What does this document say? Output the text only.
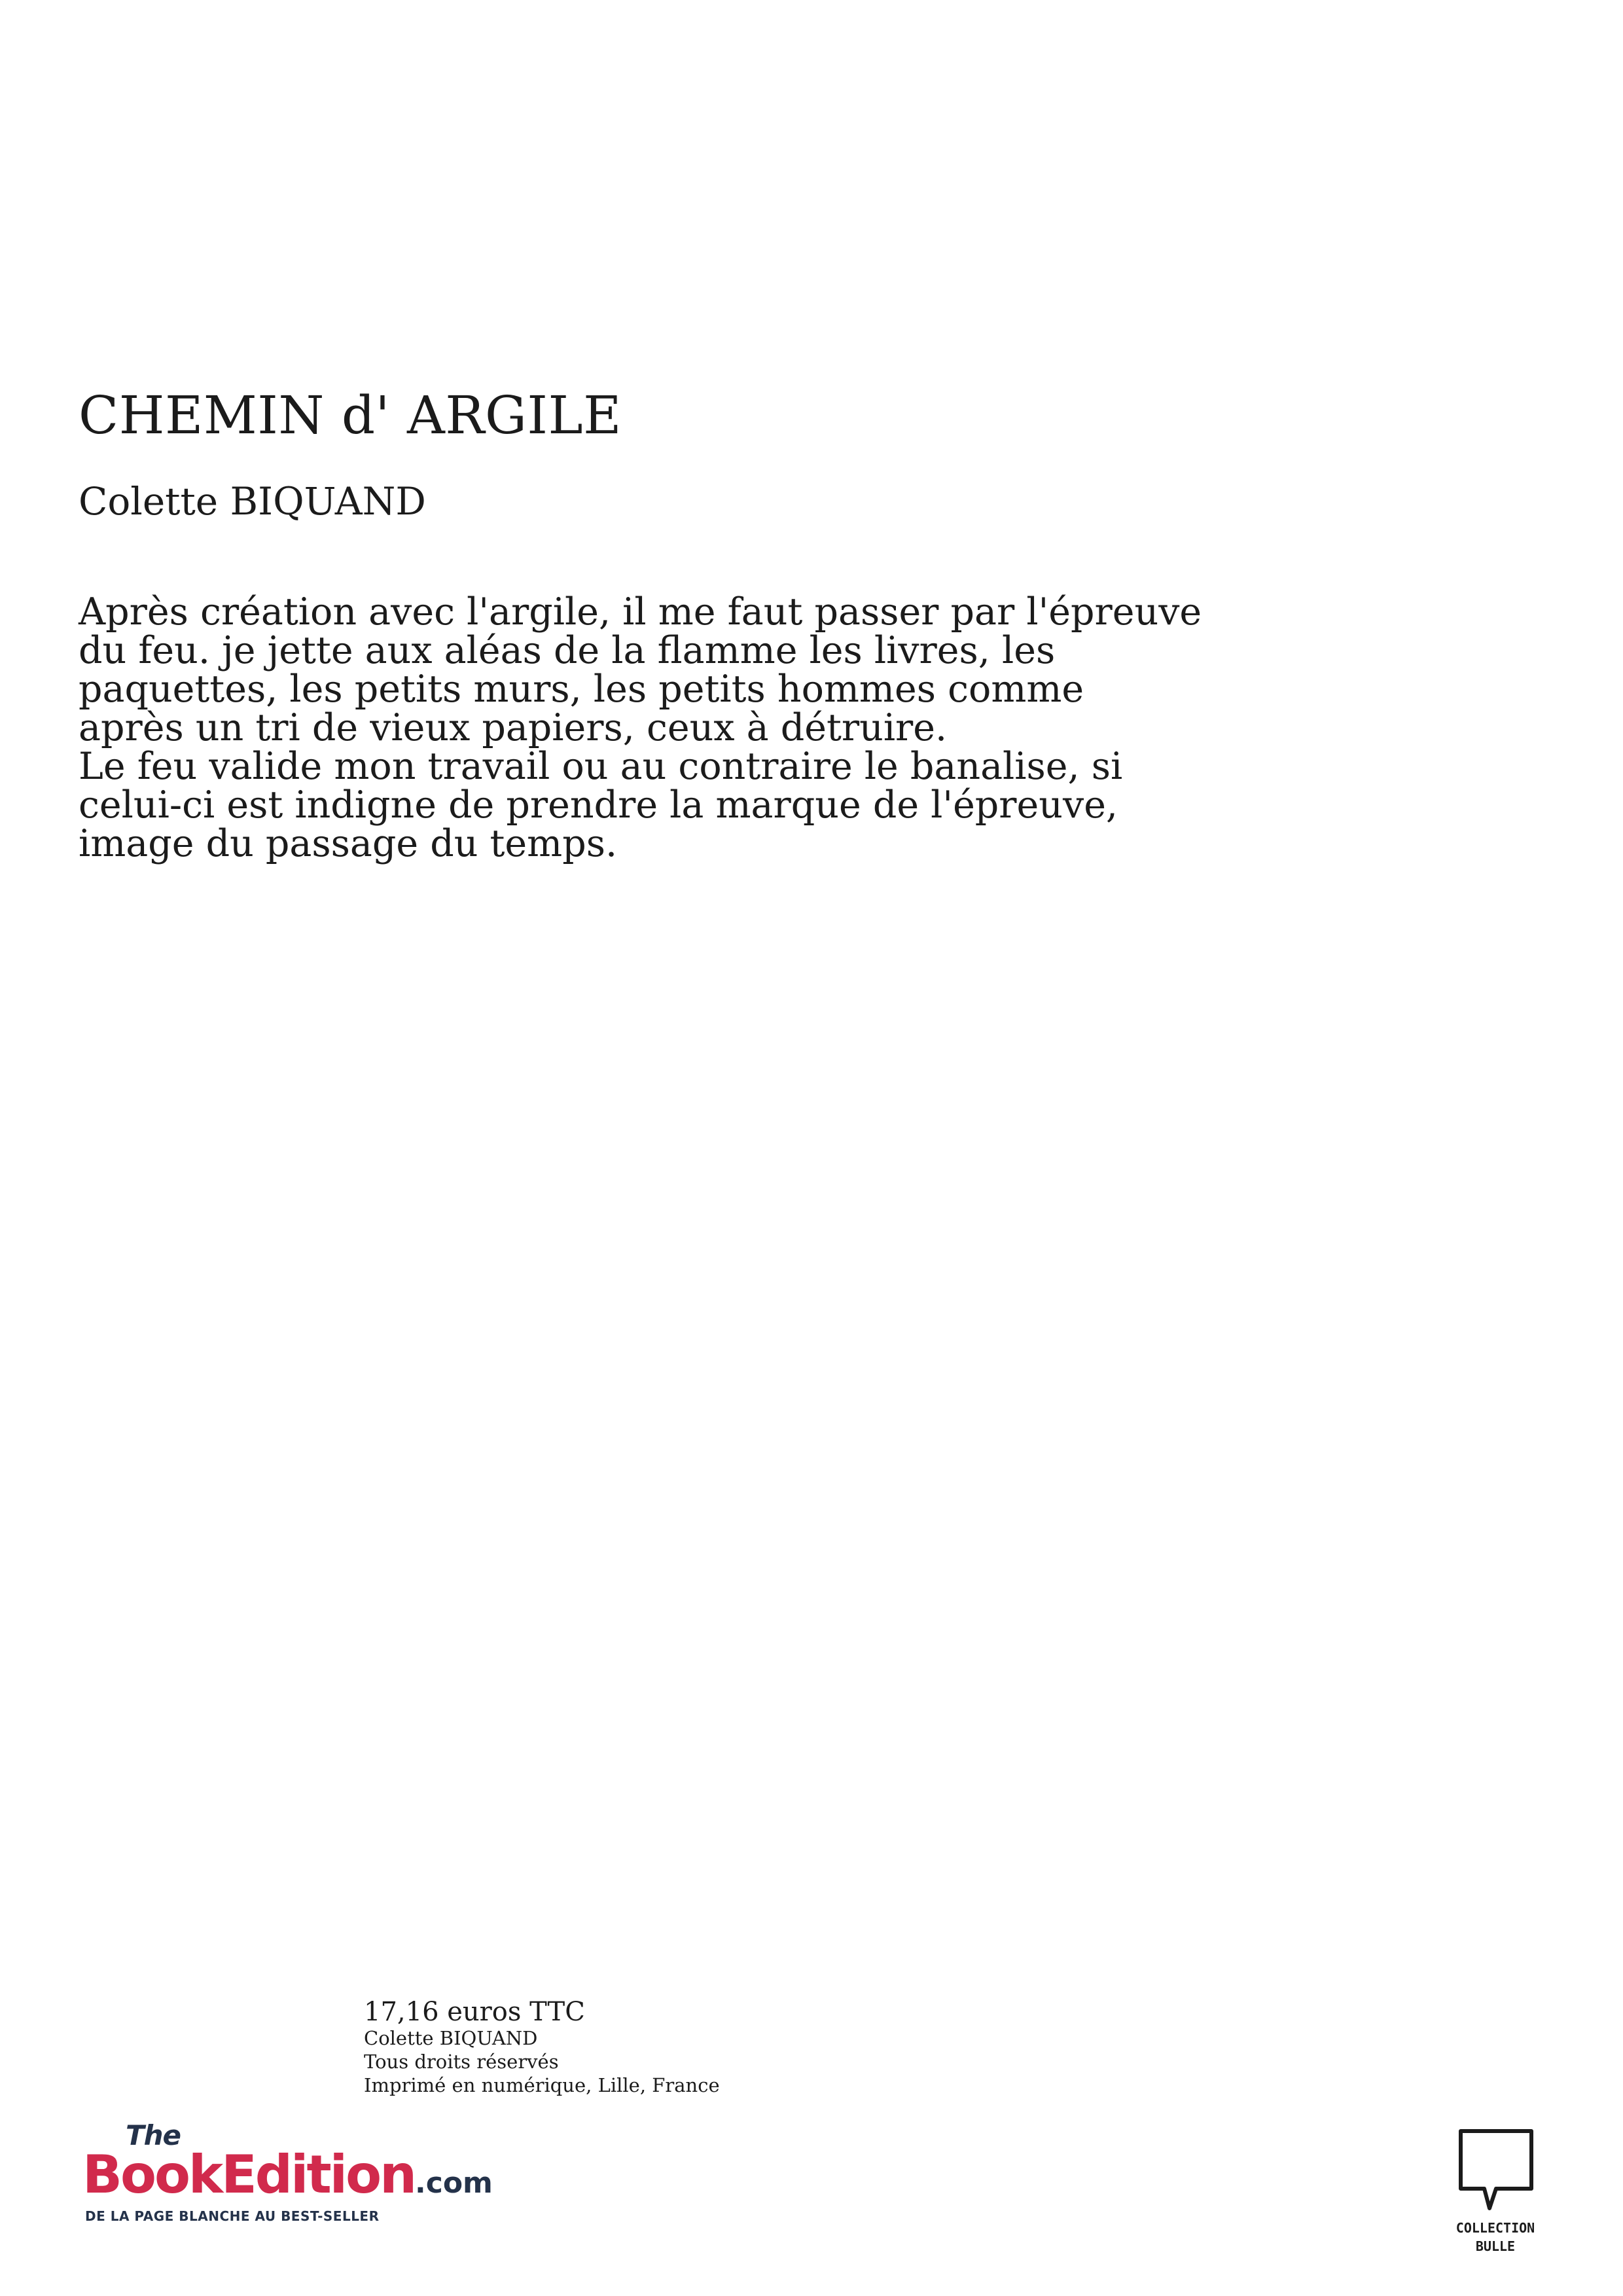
CHEMIN d' ARGILE
Colette BIQUAND
Après création avec l'argile, il me faut passer par l'épreuve
du feu. je jette aux aléas de la flamme les livres, les
paquettes, les petits murs, les petits hommes comme
après un tri de vieux papiers, ceux à détruire.
Le feu valide mon travail ou au contraire le banalise, si
celui-ci est indigne de prendre la marque de l'épreuve,
image du passage du temps.
17,16 euros TTC
Colette BIQUAND
Tous droits réservés
Imprimé en numérique, Lille, France
The
BookEdition.com
DE LA PAGE BLANCHE AU BEST-SELLER
COLLECTION
BULLE
